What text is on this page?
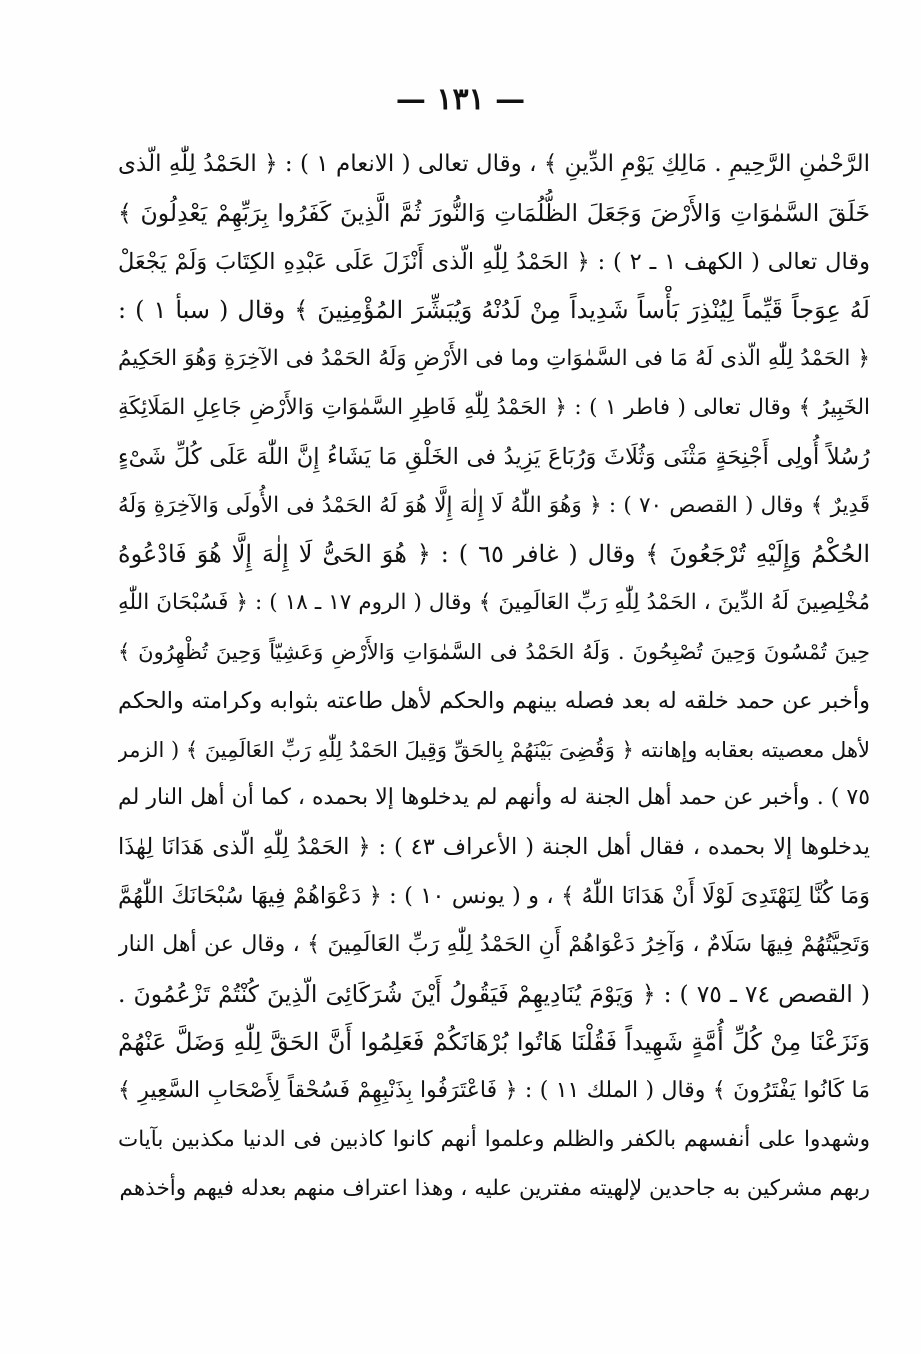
— ١٣١ —
الرَّحْمٰنِ الرَّحِيمِ . مَالِكِ يَوْمِ الدِّينِ ﴾ ، وقال تعالى ( الانعام ١ ) : ﴿ الحَمْدُ لِلّٰهِ الّذى
خَلَقَ السَّمٰوَاتِ وَالأَرْضَ وَجَعَلَ الظُّلُمَاتِ وَالنُّورَ ثُمَّ الَّذِينَ كَفَرُوا بِرَبِّهِمْ يَعْدِلُونَ ﴾
وقال تعالى ( الكهف ١ ـ ٢ ) : ﴿ الحَمْدُ لِلّٰهِ الّذى أَنْزَلَ عَلَى عَبْدِهِ الكِتَابَ وَلَمْ يَجْعَلْ
لَهُ عِوَجاً قَيِّماً لِيُنْذِرَ بَأْساً شَدِيداً مِنْ لَدُنْهُ وَيُبَشِّرَ المُؤْمِنِينَ ﴾ وقال ( سبأ ١ ) :
﴿ الحَمْدُ لِلّٰهِ الّذى لَهُ مَا فى السَّمٰوَاتِ وما فى الأَرْضِ وَلَهُ الحَمْدُ فى الآخِرَةِ وَهُوَ الحَكِيمُ
الخَبِيرُ ﴾ وقال تعالى ( فاطر ١ ) : ﴿ الحَمْدُ لِلّٰهِ فَاطِرِ السَّمٰوَاتِ وَالأَرْضِ جَاعِلِ المَلَائِكَةِ
رُسُلاً أُولِى أَجْنِحَةٍ مَثْنَى وَثُلَاثَ وَرُبَاعَ يَزِيدُ فى الخَلْقِ مَا يَشَاءُ إِنَّ اللّٰهَ عَلَى كُلِّ شَىْءٍ
قَدِيرٌ ﴾ وقال ( القصص ٧٠ ) : ﴿ وَهُوَ اللّٰهُ لَا إِلٰهَ إِلَّا هُوَ لَهُ الحَمْدُ فى الأُولَى وَالآخِرَةِ وَلَهُ
الحُكْمُ وَإِلَيْهِ تُرْجَعُونَ ﴾ وقال ( غافر ٦٥ ) : ﴿ هُوَ الحَىُّ لَا إِلٰهَ إِلَّا هُوَ فَادْعُوهُ
مُخْلِصِينَ لَهُ الدِّينَ ، الحَمْدُ لِلّٰهِ رَبِّ العَالَمِينَ ﴾ وقال ( الروم ١٧ ـ ١٨ ) : ﴿ فَسُبْحَانَ اللّٰهِ
حِينَ تُمْسُونَ وَحِينَ تُصْبِحُونَ . وَلَهُ الحَمْدُ فى السَّمٰوَاتِ وَالأَرْضِ وَعَشِيّاً وَحِينَ تُظْهِرُونَ ﴾
وأخبر عن حمد خلقه له بعد فصله بينهم والحكم لأهل طاعته بثوابه وكرامته والحكم
لأهل معصيته بعقابه وإهانته ﴿ وَقُضِىَ بَيْنَهُمْ بِالحَقِّ وَقِيلَ الحَمْدُ لِلّٰهِ رَبِّ العَالَمِينَ ﴾ ( الزمر
٧٥ ) . وأخبر عن حمد أهل الجنة له وأنهم لم يدخلوها إلا بحمده ، كما أن أهل النار لم
يدخلوها إلا بحمده ، فقال أهل الجنة ( الأعراف ٤٣ ) : ﴿ الحَمْدُ لِلّٰهِ الّذى هَدَانَا لِهٰذَا
وَمَا كُنَّا لِنَهْتَدِىَ لَوْلَا أَنْ هَدَانَا اللّٰهُ ﴾ ، و ( يونس ١٠ ) : ﴿ دَعْوَاهُمْ فِيهَا سُبْحَانَكَ اللّٰهُمَّ
وَتَحِيَّتُهُمْ فِيهَا سَلَامٌ ، وَآخِرُ دَعْوَاهُمْ أَنِ الحَمْدُ لِلّٰهِ رَبِّ العَالَمِينَ ﴾ ، وقال عن أهل النار
( القصص ٧٤ ـ ٧٥ ) : ﴿ وَيَوْمَ يُنَادِيهِمْ فَيَقُولُ أَيْنَ شُرَكَائِىَ الّذِينَ كُنْتُمْ تَزْعُمُونَ .
وَنَزَعْنَا مِنْ كُلِّ أُمَّةٍ شَهِيداً فَقُلْنَا هَاتُوا بُرْهَانَكُمْ فَعَلِمُوا أَنَّ الحَقَّ لِلّٰهِ وَضَلَّ عَنْهُمْ
مَا كَانُوا يَفْتَرُونَ ﴾ وقال ( الملك ١١ ) : ﴿ فَاعْتَرَفُوا بِذَنْبِهِمْ فَسُحْقاً لِأَصْحَابِ السَّعِيرِ ﴾
وشهدوا على أنفسهم بالكفر والظلم وعلموا أنهم كانوا كاذبين فى الدنيا مكذبين بآيات
ربهم مشركين به جاحدين لإلهيته مفترين عليه ، وهذا اعتراف منهم بعدله فيهم وأخذهم
